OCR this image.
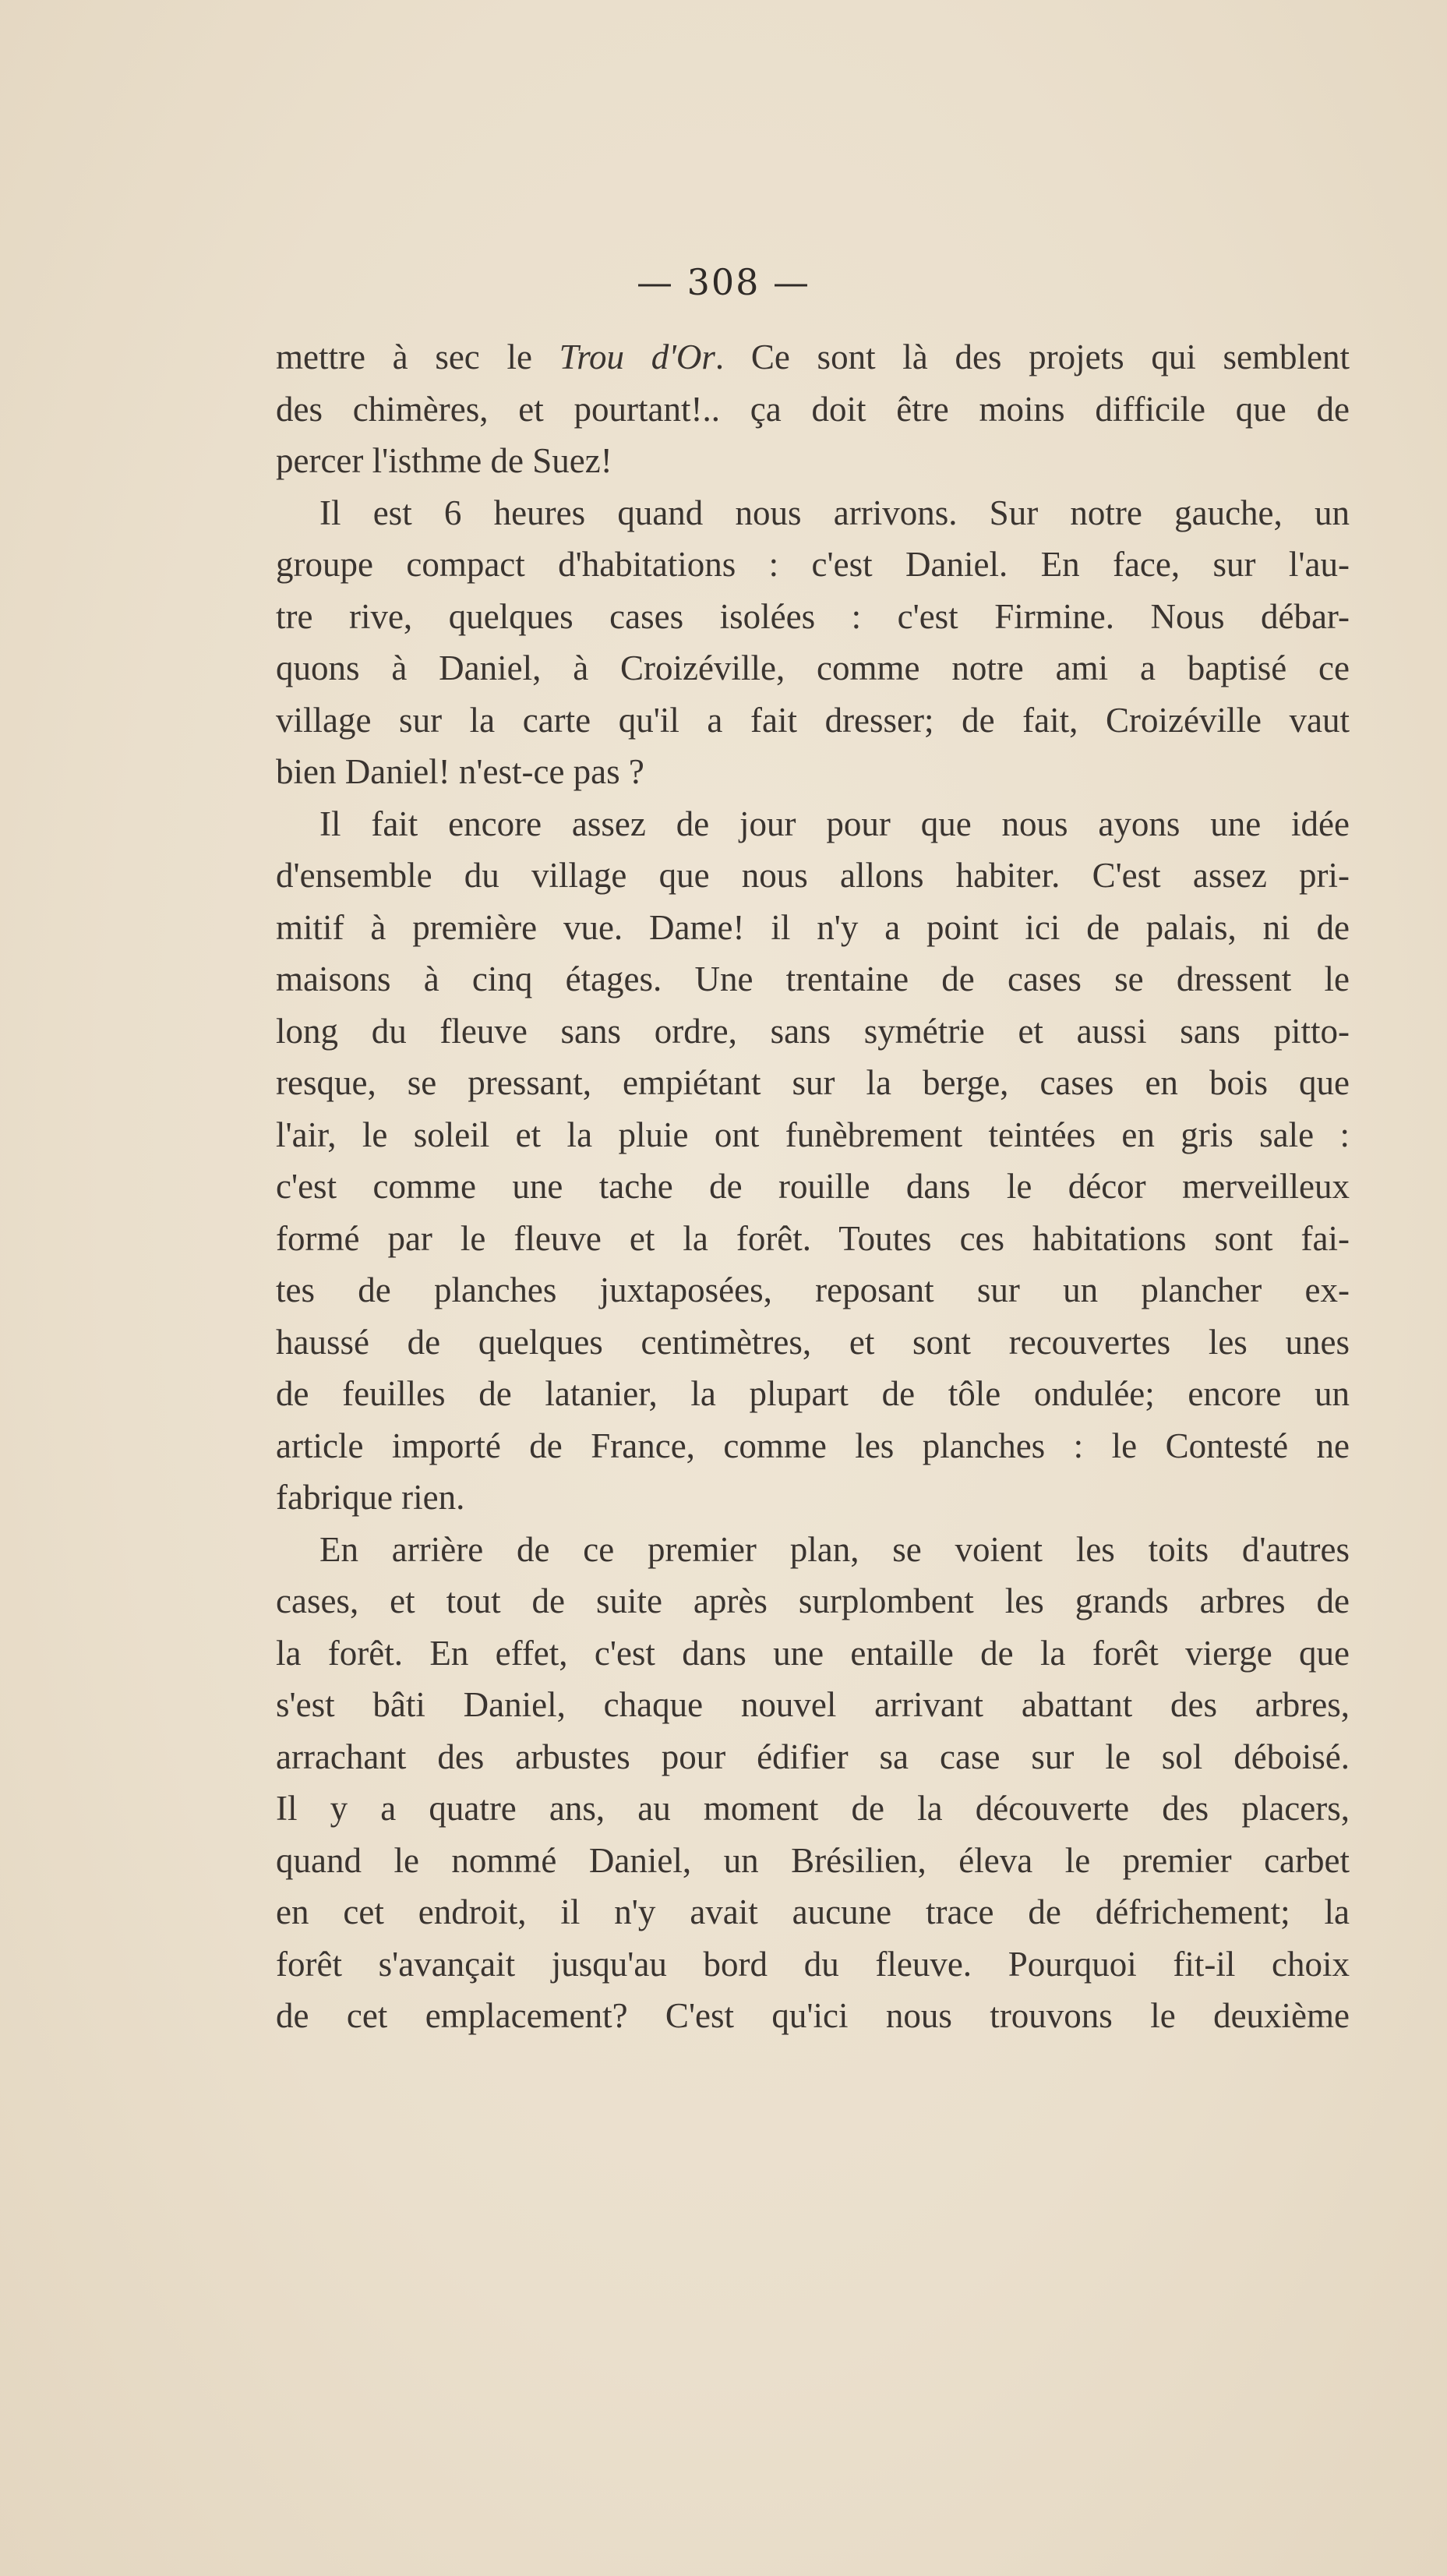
— 308 —
mettre à sec le Trou d'Or. Ce sont là des projets qui semblent
des chimères, et pourtant!.. ça doit être moins difficile que de
percer l'isthme de Suez!
Il est 6 heures quand nous arrivons. Sur notre gauche, un
groupe compact d'habitations : c'est Daniel. En face, sur l'au-
tre rive, quelques cases isolées : c'est Firmine. Nous débar-
quons à Daniel, à Croizéville, comme notre ami a baptisé ce
village sur la carte qu'il a fait dresser; de fait, Croizéville vaut
bien Daniel! n'est-ce pas ?
Il fait encore assez de jour pour que nous ayons une idée
d'ensemble du village que nous allons habiter. C'est assez pri-
mitif à première vue. Dame! il n'y a point ici de palais, ni de
maisons à cinq étages. Une trentaine de cases se dressent le
long du fleuve sans ordre, sans symétrie et aussi sans pitto-
resque, se pressant, empiétant sur la berge, cases en bois que
l'air, le soleil et la pluie ont funèbrement teintées en gris sale :
c'est comme une tache de rouille dans le décor merveilleux
formé par le fleuve et la forêt. Toutes ces habitations sont fai-
tes de planches juxtaposées, reposant sur un plancher ex-
haussé de quelques centimètres, et sont recouvertes les unes
de feuilles de latanier, la plupart de tôle ondulée; encore un
article importé de France, comme les planches : le Contesté ne
fabrique rien.
En arrière de ce premier plan, se voient les toits d'autres
cases, et tout de suite après surplombent les grands arbres de
la forêt. En effet, c'est dans une entaille de la forêt vierge que
s'est bâti Daniel, chaque nouvel arrivant abattant des arbres,
arrachant des arbustes pour édifier sa case sur le sol déboisé.
Il y a quatre ans, au moment de la découverte des placers,
quand le nommé Daniel, un Brésilien, éleva le premier carbet
en cet endroit, il n'y avait aucune trace de défrichement; la
forêt s'avançait jusqu'au bord du fleuve. Pourquoi fit-il choix
de cet emplacement? C'est qu'ici nous trouvons le deuxième
